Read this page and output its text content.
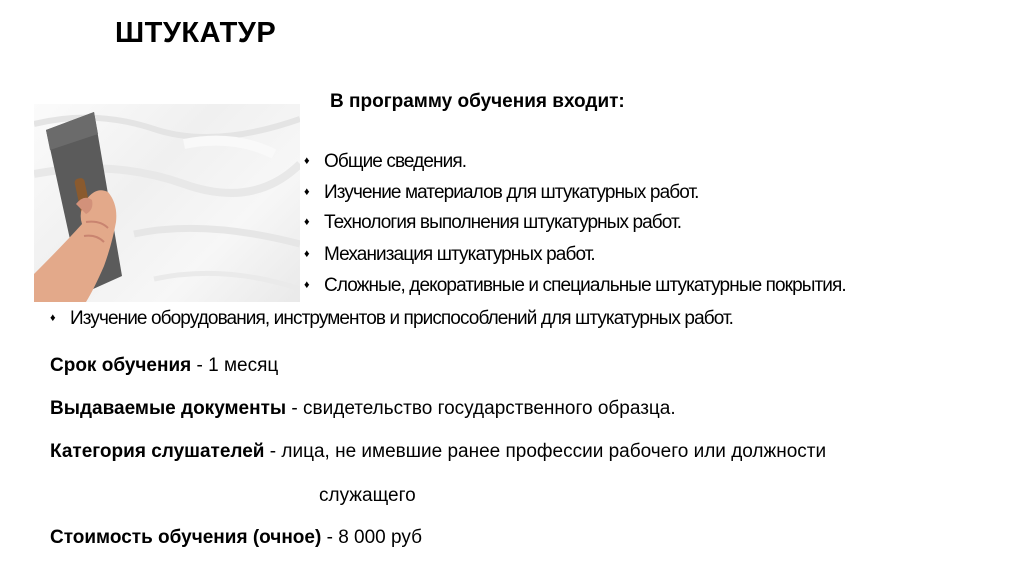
ШТУКАТУР
В программу обучения входит:
♦ Общие сведения.
♦ Изучение материалов для штукатурных работ.
♦ Технология выполнения штукатурных работ.
♦ Механизация штукатурных работ.
♦ Сложные, декоративные и специальные штукатурные покрытия.
♦ Изучение оборудования, инструментов и приспособлений для штукатурных работ.
Срок обучения - 1 месяц
Выдаваемые документы - свидетельство государственного образца.
Категория слушателей - лица, не имевшие ранее профессии рабочего или должности
служащего
Стоимость обучения (очное) - 8 000 руб
